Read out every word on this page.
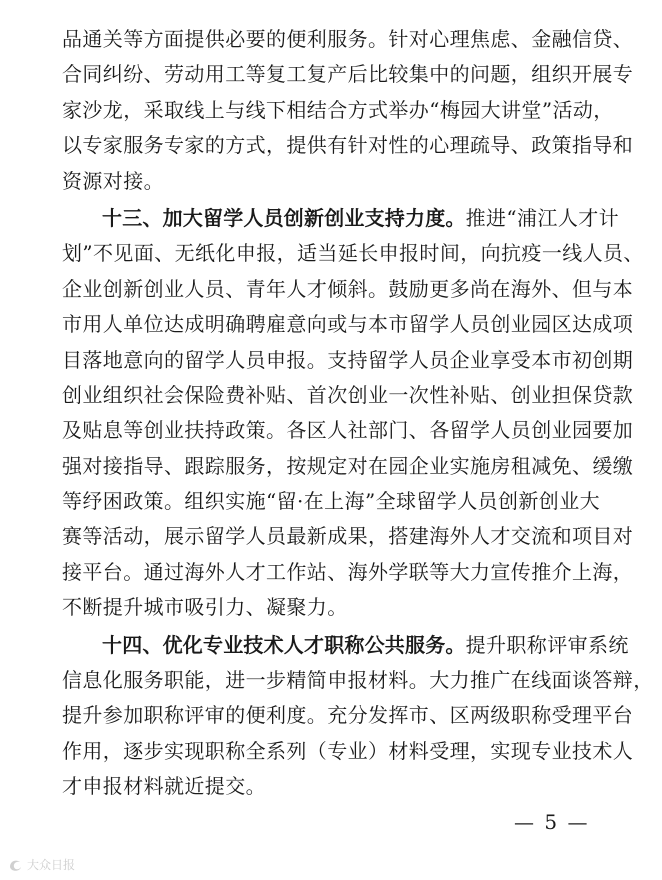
品通关等方面提供必要的便利服务。针对心理焦虑、金融信贷、
合同纠纷、劳动用工等复工复产后比较集中的问题，组织开展专
家沙龙，采取线上与线下相结合方式举办“梅园大讲堂”活动，
以专家服务专家的方式，提供有针对性的心理疏导、政策指导和
资源对接。
十三、加大留学人员创新创业支持力度。推进“浦江人才计
划”不见面、无纸化申报，适当延长申报时间，向抗疫一线人员、
企业创新创业人员、青年人才倾斜。鼓励更多尚在海外、但与本
市用人单位达成明确聘雇意向或与本市留学人员创业园区达成项
目落地意向的留学人员申报。支持留学人员企业享受本市初创期
创业组织社会保险费补贴、首次创业一次性补贴、创业担保贷款
及贴息等创业扶持政策。各区人社部门、各留学人员创业园要加
强对接指导、跟踪服务，按规定对在园企业实施房租减免、缓缴
等纾困政策。组织实施“留·在上海”全球留学人员创新创业大
赛等活动，展示留学人员最新成果，搭建海外人才交流和项目对
接平台。通过海外人才工作站、海外学联等大力宣传推介上海，
不断提升城市吸引力、凝聚力。
十四、优化专业技术人才职称公共服务。提升职称评审系统
信息化服务职能，进一步精简申报材料。大力推广在线面谈答辩，
提升参加职称评审的便利度。充分发挥市、区两级职称受理平台
作用，逐步实现职称全系列（专业）材料受理，实现专业技术人
才申报材料就近提交。
— 5 —
大众日报
